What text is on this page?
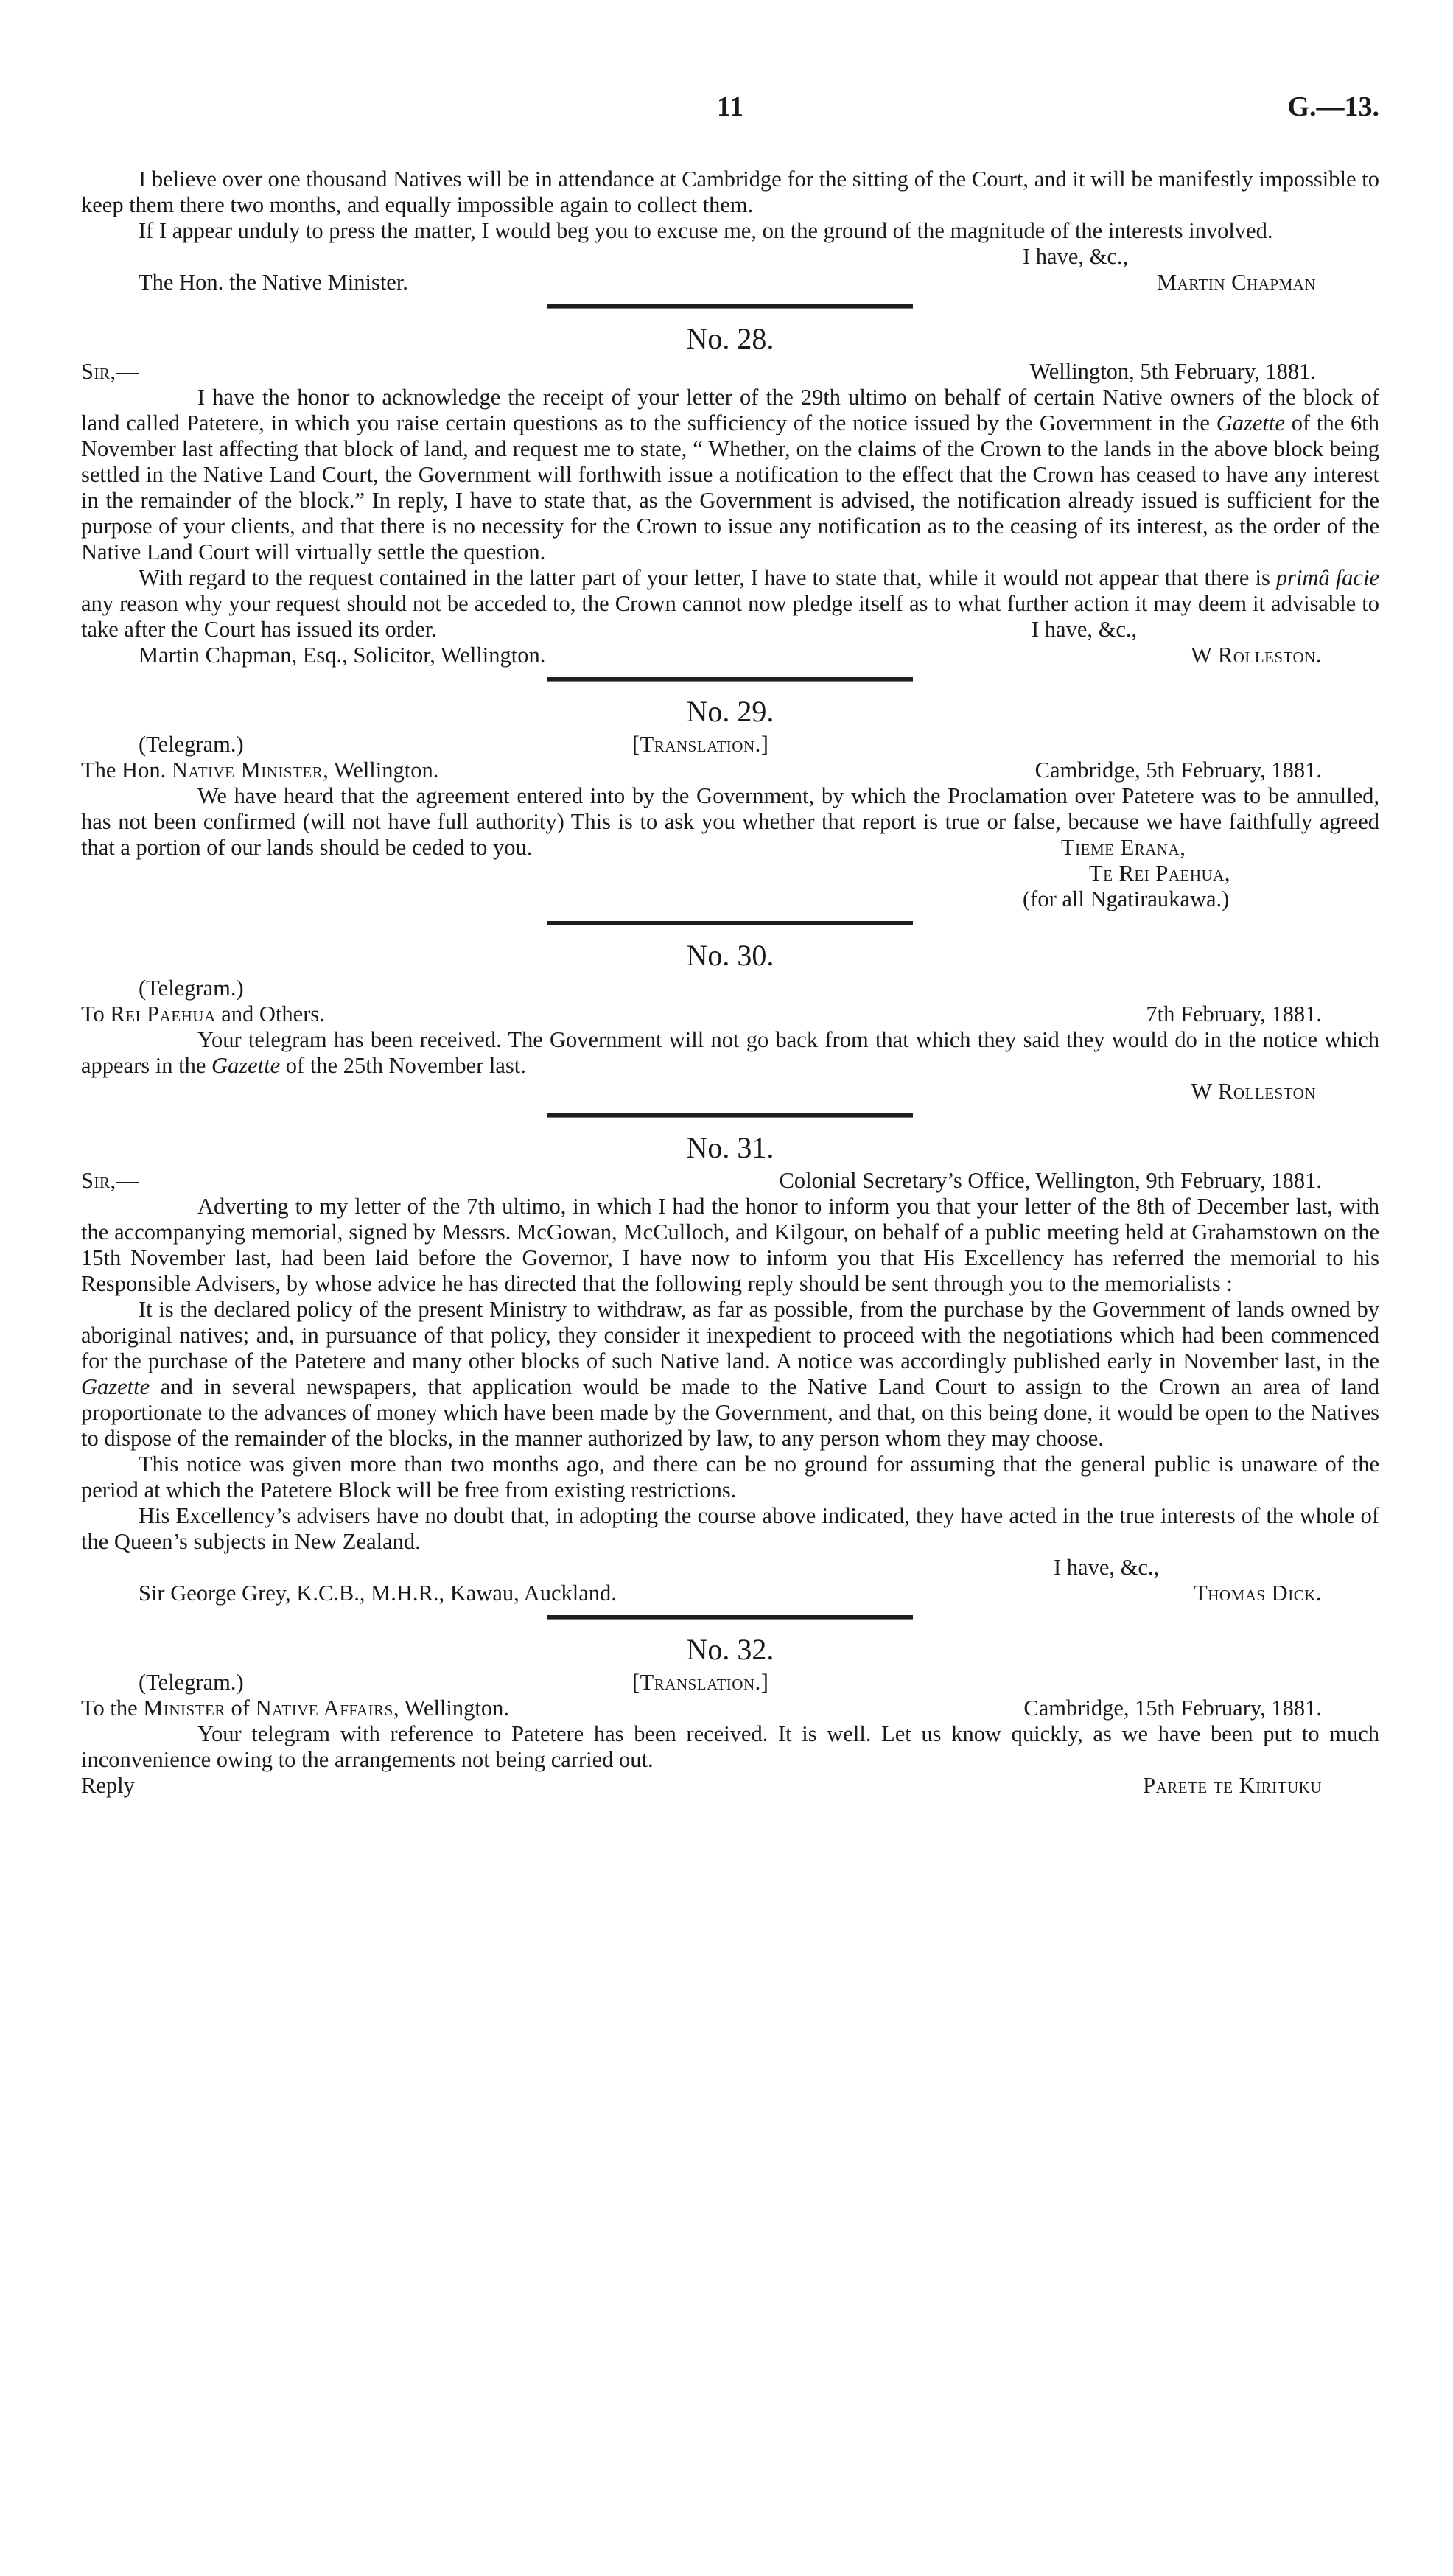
11	G.—13.

I believe over one thousand Natives will be in attendance at Cambridge for the sitting of the Court, and it will be manifestly impossible to keep them there two months, and equally impossible again to collect them.

If I appear unduly to press the matter, I would beg you to excuse me, on the ground of the magnitude of the interests involved.

I have, &c.,
The Hon. the Native Minister.	Martin Chapman
No. 28.
Sir,—	Wellington, 5th February, 1881.

I have the honor to acknowledge the receipt of your letter of the 29th ultimo on behalf of certain Native owners of the block of land called Patetere, in which you raise certain questions as to the sufficiency of the notice issued by the Government in the Gazette of the 6th November last affecting that block of land, and request me to state, “ Whether, on the claims of the Crown to the lands in the above block being settled in the Native Land Court, the Government will forthwith issue a notification to the effect that the Crown has ceased to have any interest in the remainder of the block.” In reply, I have to state that, as the Government is advised, the notification already issued is sufficient for the purpose of your clients, and that there is no necessity for the Crown to issue any notification as to the ceasing of its interest, as the order of the Native Land Court will virtually settle the question.

With regard to the request contained in the latter part of your letter, I have to state that, while it would not appear that there is primâ facie any reason why your request should not be acceded to, the Crown cannot now pledge itself as to what further action it may deem it advisable to take after the Court has issued its order.	I have, &c.,
Martin Chapman, Esq., Solicitor, Wellington.	W Rolleston.
No. 29.
(Telegram.)	[Translation.]
The Hon. Native Minister, Wellington.	Cambridge, 5th February, 1881.

We have heard that the agreement entered into by the Government, by which the Proclamation over Patetere was to be annulled, has not been confirmed (will not have full authority) This is to ask you whether that report is true or false, because we have faithfully agreed that a portion of our lands should be ceded to you.	Tieme Erana,
Te Rei Paehua,
(for all Ngatiraukawa.)
No. 30.
(Telegram.)
To Rei Paehua and Others.	7th February, 1881.

Your telegram has been received. The Government will not go back from that which they said they would do in the notice which appears in the Gazette of the 25th November last.

W Rolleston
No. 31.
Sir,—	Colonial Secretary’s Office, Wellington, 9th February, 1881.

Adverting to my letter of the 7th ultimo, in which I had the honor to inform you that your letter of the 8th of December last, with the accompanying memorial, signed by Messrs. McGowan, McCulloch, and Kilgour, on behalf of a public meeting held at Grahamstown on the 15th November last, had been laid before the Governor, I have now to inform you that His Excellency has referred the memorial to his Responsible Advisers, by whose advice he has directed that the following reply should be sent through you to the memorialists :

It is the declared policy of the present Ministry to withdraw, as far as possible, from the purchase by the Government of lands owned by aboriginal natives; and, in pursuance of that policy, they consider it inexpedient to proceed with the negotiations which had been commenced for the purchase of the Patetere and many other blocks of such Native land. A notice was accordingly published early in November last, in the Gazette and in several newspapers, that application would be made to the Native Land Court to assign to the Crown an area of land proportionate to the advances of money which have been made by the Government, and that, on this being done, it would be open to the Natives to dispose of the remainder of the blocks, in the manner authorized by law, to any person whom they may choose.

This notice was given more than two months ago, and there can be no ground for assuming that the general public is unaware of the period at which the Patetere Block will be free from existing restrictions.

His Excellency’s advisers have no doubt that, in adopting the course above indicated, they have acted in the true interests of the whole of the Queen’s subjects in New Zealand.

I have, &c.,
Sir George Grey, K.C.B., M.H.R., Kawau, Auckland.	Thomas Dick.
No. 32.
(Telegram.)	[Translation.]
To the Minister of Native Affairs, Wellington.	Cambridge, 15th February, 1881.

Your telegram with reference to Patetere has been received. It is well. Let us know quickly, as we have been put to much inconvenience owing to the arrangements not being carried out.

Reply	Parete te Kirituku
